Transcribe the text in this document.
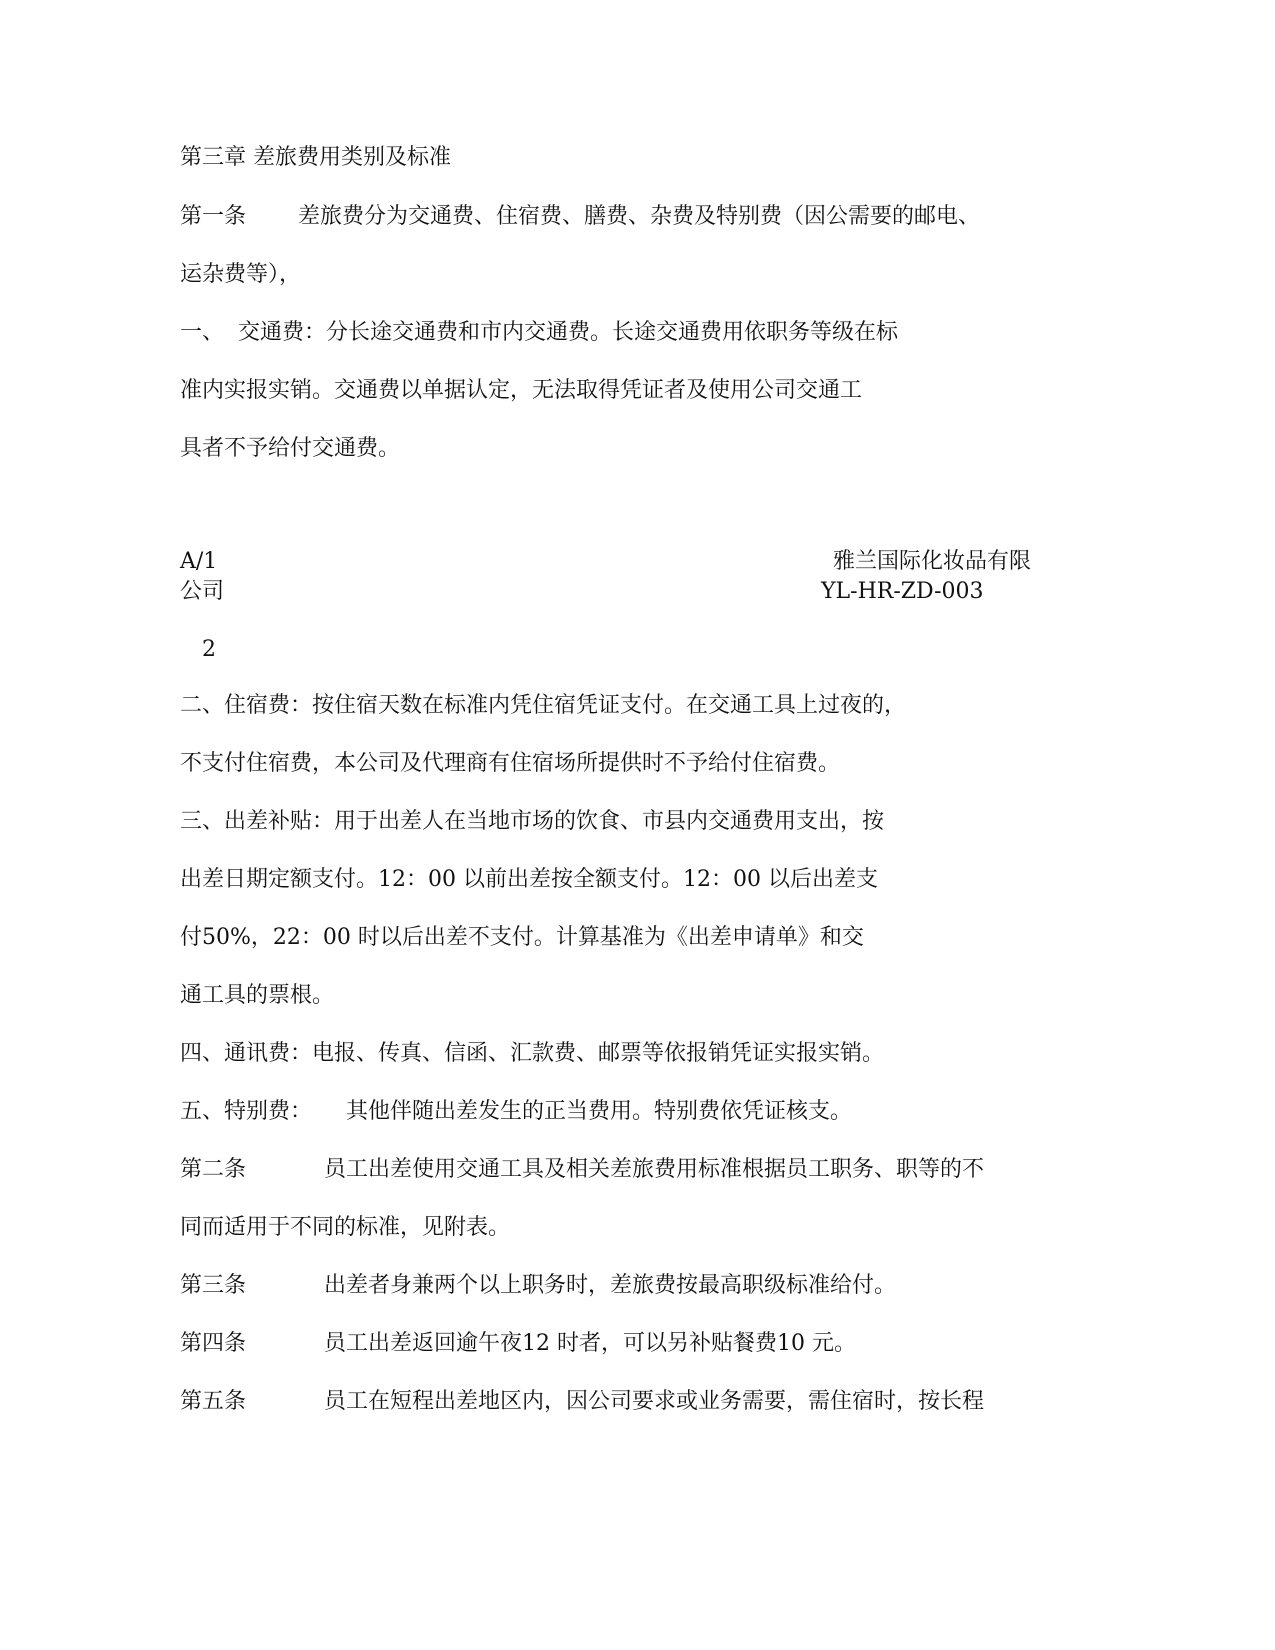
第三章 差旅费用类别及标准
第一条 差旅费分为交通费、住宿费、膳费、杂费及特别费（因公需要的邮电、
运杂费等），
一、 交通费：分长途交通费和市内交通费。长途交通费用依职务等级在标
准内实报实销。交通费以单据认定，无法取得凭证者及使用公司交通工
具者不予给付交通费。
A/1	雅兰国际化妆品有限
公司	YL-HR-ZD-003
2
二、住宿费：按住宿天数在标准内凭住宿凭证支付。在交通工具上过夜的，
不支付住宿费，本公司及代理商有住宿场所提供时不予给付住宿费。
三、出差补贴：用于出差人在当地市场的饮食、市县内交通费用支出，按
出差日期定额支付。12：00 以前出差按全额支付。12：00 以后出差支
付50%，22：00 时以后出差不支付。计算基准为《出差申请单》和交
通工具的票根。
四、通讯费：电报、传真、信函、汇款费、邮票等依报销凭证实报实销。
五、特别费： 其他伴随出差发生的正当费用。特别费依凭证核支。
第二条	员工出差使用交通工具及相关差旅费用标准根据员工职务、职等的不
同而适用于不同的标准，见附表。
第三条	出差者身兼两个以上职务时，差旅费按最高职级标准给付。
第四条	员工出差返回逾午夜12 时者，可以另补贴餐费10 元。
第五条	员工在短程出差地区内，因公司要求或业务需要，需住宿时，按长程
